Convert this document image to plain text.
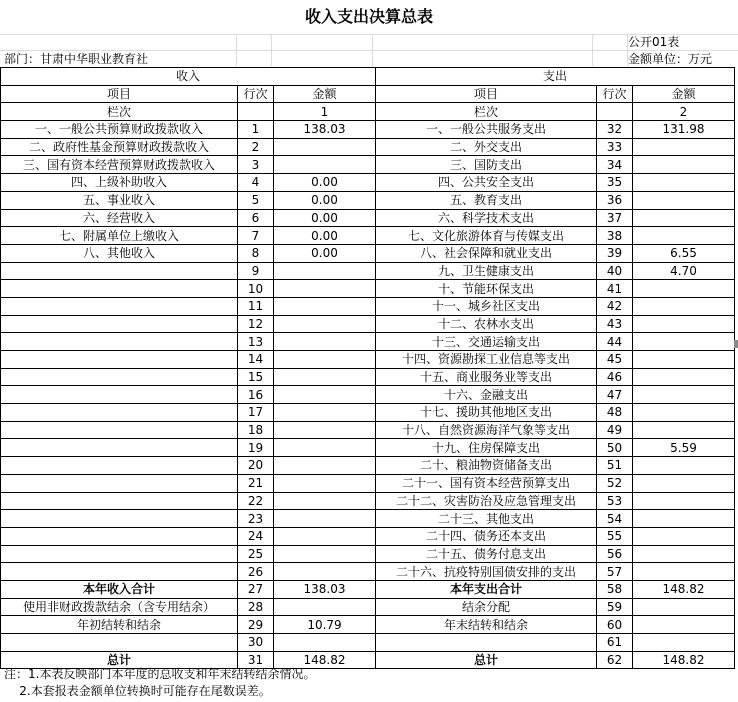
收入支出决算总表
公开01表
部门：甘肃中华职业教育社	金额单位：万元
收入			支出		
项目	行次	金额	项目	行次	金额
栏次		1	栏次		2
一、一般公共预算财政拨款收入	1	138.03	一、一般公共服务支出	32	131.98
二、政府性基金预算财政拨款收入	2		二、外交支出	33	
三、国有资本经营预算财政拨款收入	3		三、国防支出	34	
四、上级补助收入	4	0.00	四、公共安全支出	35	
五、事业收入	5	0.00	五、教育支出	36	
六、经营收入	6	0.00	六、科学技术支出	37	
七、附属单位上缴收入	7	0.00	七、文化旅游体育与传媒支出	38	
八、其他收入	8	0.00	八、社会保障和就业支出	39	6.55
	9		九、卫生健康支出	40	4.70
	10		十、节能环保支出	41	
	11		十一、城乡社区支出	42	
	12		十二、农林水支出	43	
	13		十三、交通运输支出	44	
	14		十四、资源勘探工业信息等支出	45	
	15		十五、商业服务业等支出	46	
	16		十六、金融支出	47	
	17		十七、援助其他地区支出	48	
	18		十八、自然资源海洋气象等支出	49	
	19		十九、住房保障支出	50	5.59
	20		二十、粮油物资储备支出	51	
	21		二十一、国有资本经营预算支出	52	
	22		二十二、灾害防治及应急管理支出	53	
	23		二十三、其他支出	54	
	24		二十四、债务还本支出	55	
	25		二十五、债务付息支出	56	
	26		二十六、抗疫特别国债安排的支出	57	
本年收入合计	27	138.03	本年支出合计	58	148.82
使用非财政拨款结余（含专用结余）	28		结余分配	59	
年初结转和结余	29	10.79	年末结转和结余	60	
	30			61	
总计	31	148.82	总计	62	148.82
注：1.本表反映部门本年度的总收支和年末结转结余情况。
2.本套报表金额单位转换时可能存在尾数误差。
